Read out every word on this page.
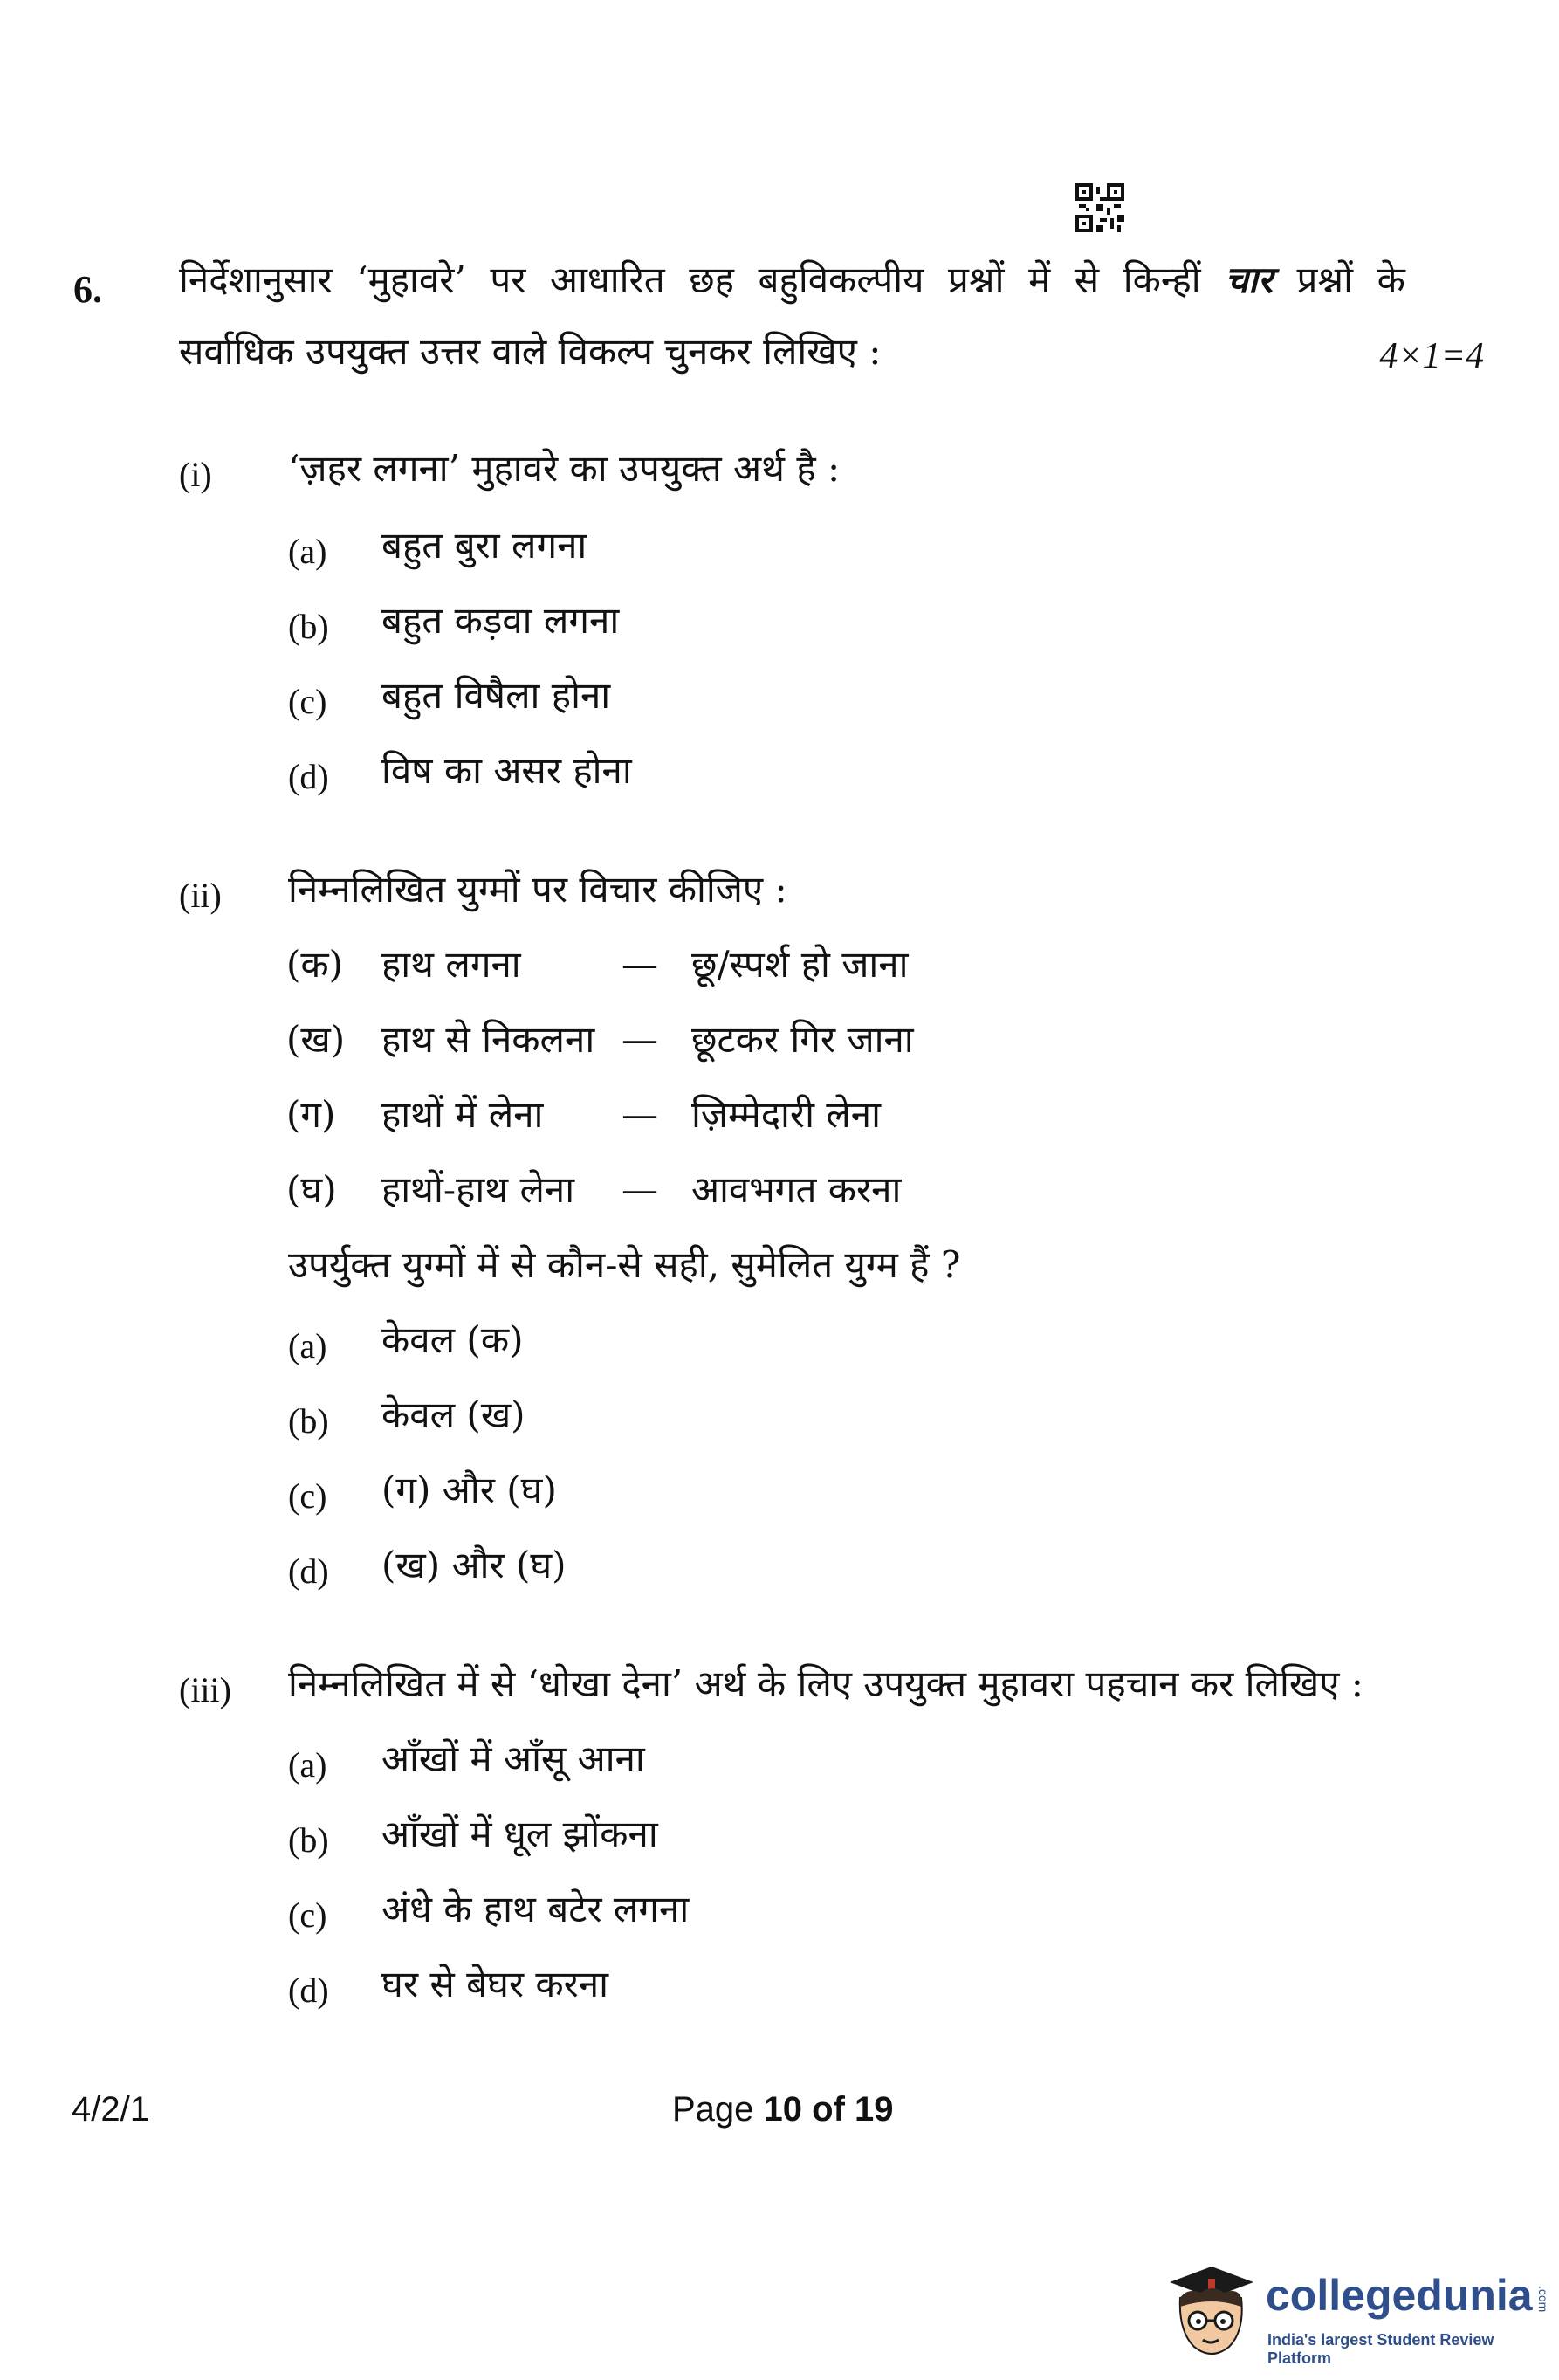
6. निर्देशानुसार ‘मुहावरे’ पर आधारित छह बहुविकल्पीय प्रश्नों में से किन्हीं चार प्रश्नों के
सर्वाधिक उपयुक्त उत्तर वाले विकल्प चुनकर लिखिए :	4×1=4
(i) ‘ज़हर लगना’ मुहावरे का उपयुक्त अर्थ है :
(a) बहुत बुरा लगना
(b) बहुत कड़वा लगना
(c) बहुत विषैला होना
(d) विष का असर होना
(ii) निम्नलिखित युग्मों पर विचार कीजिए :
(क) हाथ लगना	— छू/स्पर्श हो जाना
(ख) हाथ से निकलना — छूटकर गिर जाना
(ग) हाथों में लेना — ज़िम्मेदारी लेना
(घ) हाथों-हाथ लेना — आवभगत करना
उपर्युक्त युग्मों में से कौन-से सही, सुमेलित युग्म हैं ?
(a) केवल (क)
(b) केवल (ख)
(c) (ग) और (घ)
(d) (ख) और (घ)
(iii) निम्नलिखित में से ‘धोखा देना’ अर्थ के लिए उपयुक्त मुहावरा पहचान कर लिखिए :
(a) आँखों में आँसू आना
(b) आँखों में धूल झोंकना
(c) अंधे के हाथ बटेर लगना
(d) घर से बेघर करना
4/2/1	Page 10 of 19
collegedunia .com
India's largest Student Review Platform
